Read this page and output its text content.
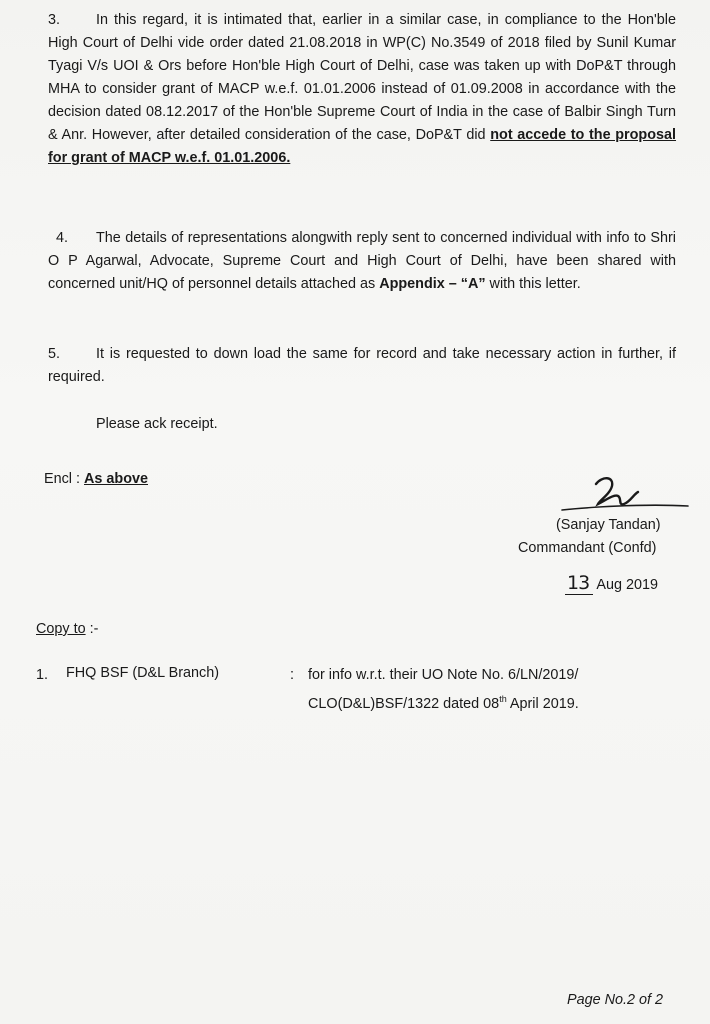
3. In this regard, it is intimated that, earlier in a similar case, in compliance to the Hon'ble High Court of Delhi vide order dated 21.08.2018 in WP(C) No.3549 of 2018 filed by Sunil Kumar Tyagi V/s UOI & Ors before Hon'ble High Court of Delhi, case was taken up with DoP&T through MHA to consider grant of MACP w.e.f. 01.01.2006 instead of 01.09.2008 in accordance with the decision dated 08.12.2017 of the Hon'ble Supreme Court of India in the case of Balbir Singh Turn & Anr. However, after detailed consideration of the case, DoP&T did not accede to the proposal for grant of MACP w.e.f. 01.01.2006.
4. The details of representations alongwith reply sent to concerned individual with info to Shri O P Agarwal, Advocate, Supreme Court and High Court of Delhi, have been shared with concerned unit/HQ of personnel details attached as Appendix – “A” with this letter.
5. It is requested to down load the same for record and take necessary action in further, if required.
Please ack receipt.
Encl : As above
(Sanjay Tandan)
Commandant (Confd)
13 Aug 2019
Copy to :-
1. FHQ BSF (D&L Branch)	: for info w.r.t. their UO Note No. 6/LN/2019/
CLO(D&L)BSF/1322 dated 08th April 2019.
Page No.2 of 2
